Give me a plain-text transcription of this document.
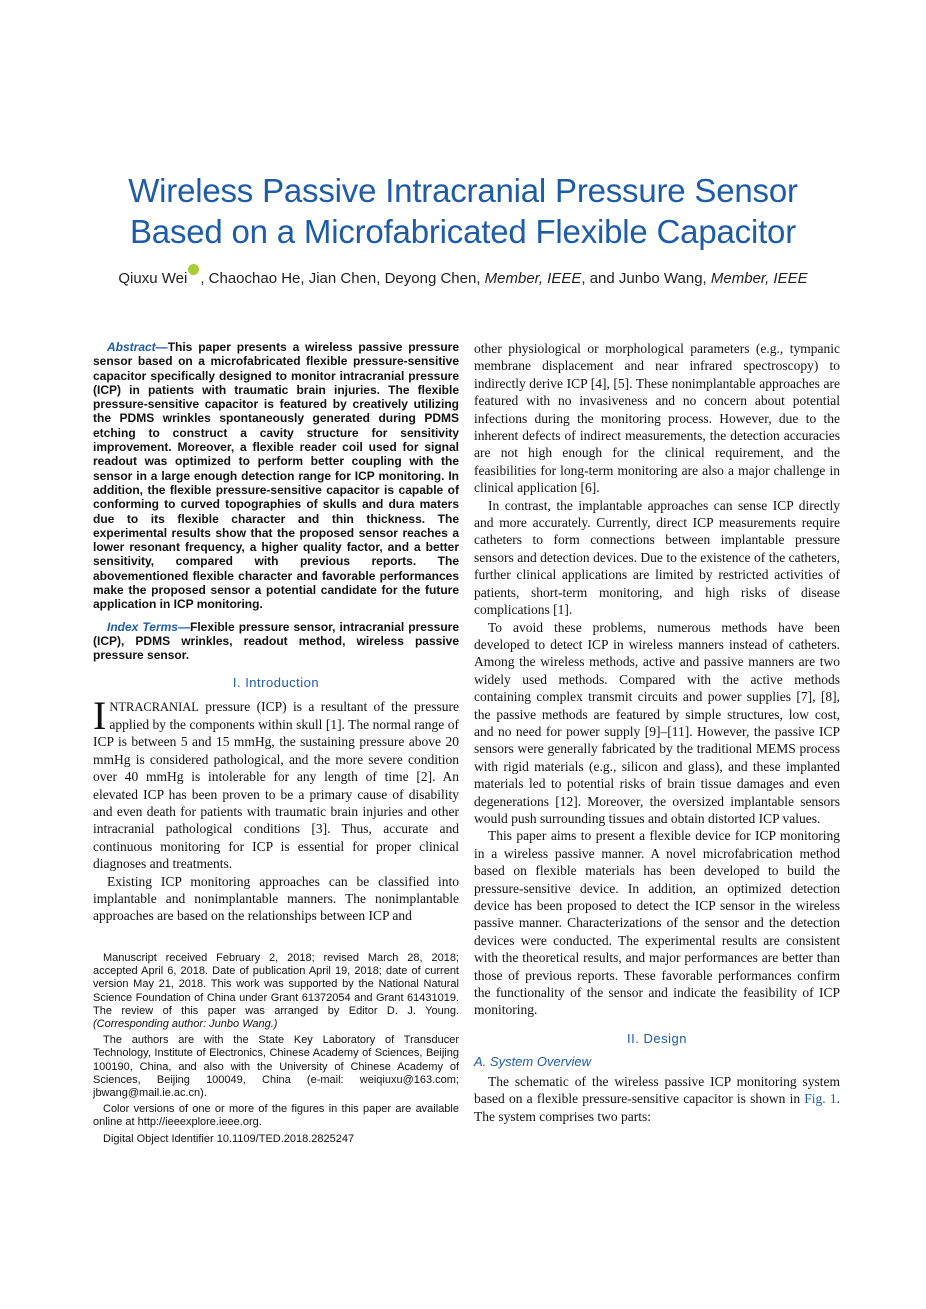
Wireless Passive Intracranial Pressure Sensor
Based on a Microfabricated Flexible Capacitor
Qiuxu Wei , Chaochao He, Jian Chen, Deyong Chen, Member, IEEE, and Junbo Wang, Member, IEEE

Abstract—This paper presents a wireless passive pressure sensor based on a microfabricated flexible pressure-sensitive capacitor specifically designed to monitor intracranial pressure (ICP) in patients with traumatic brain injuries. The flexible pressure-sensitive capacitor is featured by creatively utilizing the PDMS wrinkles spontaneously generated during PDMS etching to construct a cavity structure for sensitivity improvement. Moreover, a flexible reader coil used for signal readout was optimized to perform better coupling with the sensor in a large enough detection range for ICP monitoring. In addition, the flexible pressure-sensitive capacitor is capable of conforming to curved topographies of skulls and dura maters due to its flexible character and thin thickness. The experimental results show that the proposed sensor reaches a lower resonant frequency, a higher quality factor, and a better sensitivity, compared with previous reports. The abovementioned flexible character and favorable performances make the proposed sensor a potential candidate for the future application in ICP monitoring.

Index Terms—Flexible pressure sensor, intracranial pressure (ICP), PDMS wrinkles, readout method, wireless passive pressure sensor.

I. Introduction

INTRACRANIAL pressure (ICP) is a resultant of the pressure applied by the components within skull [1]. The normal range of ICP is between 5 and 15 mmHg, the sustaining pressure above 20 mmHg is considered pathological, and the more severe condition over 40 mmHg is intolerable for any length of time [2]. An elevated ICP has been proven to be a primary cause of disability and even death for patients with traumatic brain injuries and other intracranial pathological conditions [3]. Thus, accurate and continuous monitoring for ICP is essential for proper clinical diagnoses and treatments.

Existing ICP monitoring approaches can be classified into implantable and nonimplantable manners. The nonimplantable approaches are based on the relationships between ICP and

Manuscript received February 2, 2018; revised March 28, 2018; accepted April 6, 2018. Date of publication April 19, 2018; date of current version May 21, 2018. This work was supported by the National Natural Science Foundation of China under Grant 61372054 and Grant 61431019. The review of this paper was arranged by Editor D. J. Young. (Corresponding author: Junbo Wang.)

The authors are with the State Key Laboratory of Transducer Technology, Institute of Electronics, Chinese Academy of Sciences, Beijing 100190, China, and also with the University of Chinese Academy of Sciences, Beijing 100049, China (e-mail: weiqiuxu@163.com; jbwang@mail.ie.ac.cn).

Color versions of one or more of the figures in this paper are available online at http://ieeexplore.ieee.org.

Digital Object Identifier 10.1109/TED.2018.2825247

other physiological or morphological parameters (e.g., tympanic membrane displacement and near infrared spectroscopy) to indirectly derive ICP [4], [5]. These nonimplantable approaches are featured with no invasiveness and no concern about potential infections during the monitoring process. However, due to the inherent defects of indirect measurements, the detection accuracies are not high enough for the clinical requirement, and the feasibilities for long-term monitoring are also a major challenge in clinical application [6].

In contrast, the implantable approaches can sense ICP directly and more accurately. Currently, direct ICP measurements require catheters to form connections between implantable pressure sensors and detection devices. Due to the existence of the catheters, further clinical applications are limited by restricted activities of patients, short-term monitoring, and high risks of disease complications [1].

To avoid these problems, numerous methods have been developed to detect ICP in wireless manners instead of catheters. Among the wireless methods, active and passive manners are two widely used methods. Compared with the active methods containing complex transmit circuits and power supplies [7], [8], the passive methods are featured by simple structures, low cost, and no need for power supply [9]–[11]. However, the passive ICP sensors were generally fabricated by the traditional MEMS process with rigid materials (e.g., silicon and glass), and these implanted materials led to potential risks of brain tissue damages and even degenerations [12]. Moreover, the oversized implantable sensors would push surrounding tissues and obtain distorted ICP values.

This paper aims to present a flexible device for ICP monitoring in a wireless passive manner. A novel microfabrication method based on flexible materials has been developed to build the pressure-sensitive device. In addition, an optimized detection device has been proposed to detect the ICP sensor in the wireless passive manner. Characterizations of the sensor and the detection devices were conducted. The experimental results are consistent with the theoretical results, and major performances are better than those of previous reports. These favorable performances confirm the functionality of the sensor and indicate the feasibility of ICP monitoring.

II. Design
A. System Overview

The schematic of the wireless passive ICP monitoring system based on a flexible pressure-sensitive capacitor is shown in Fig. 1. The system comprises two parts:
